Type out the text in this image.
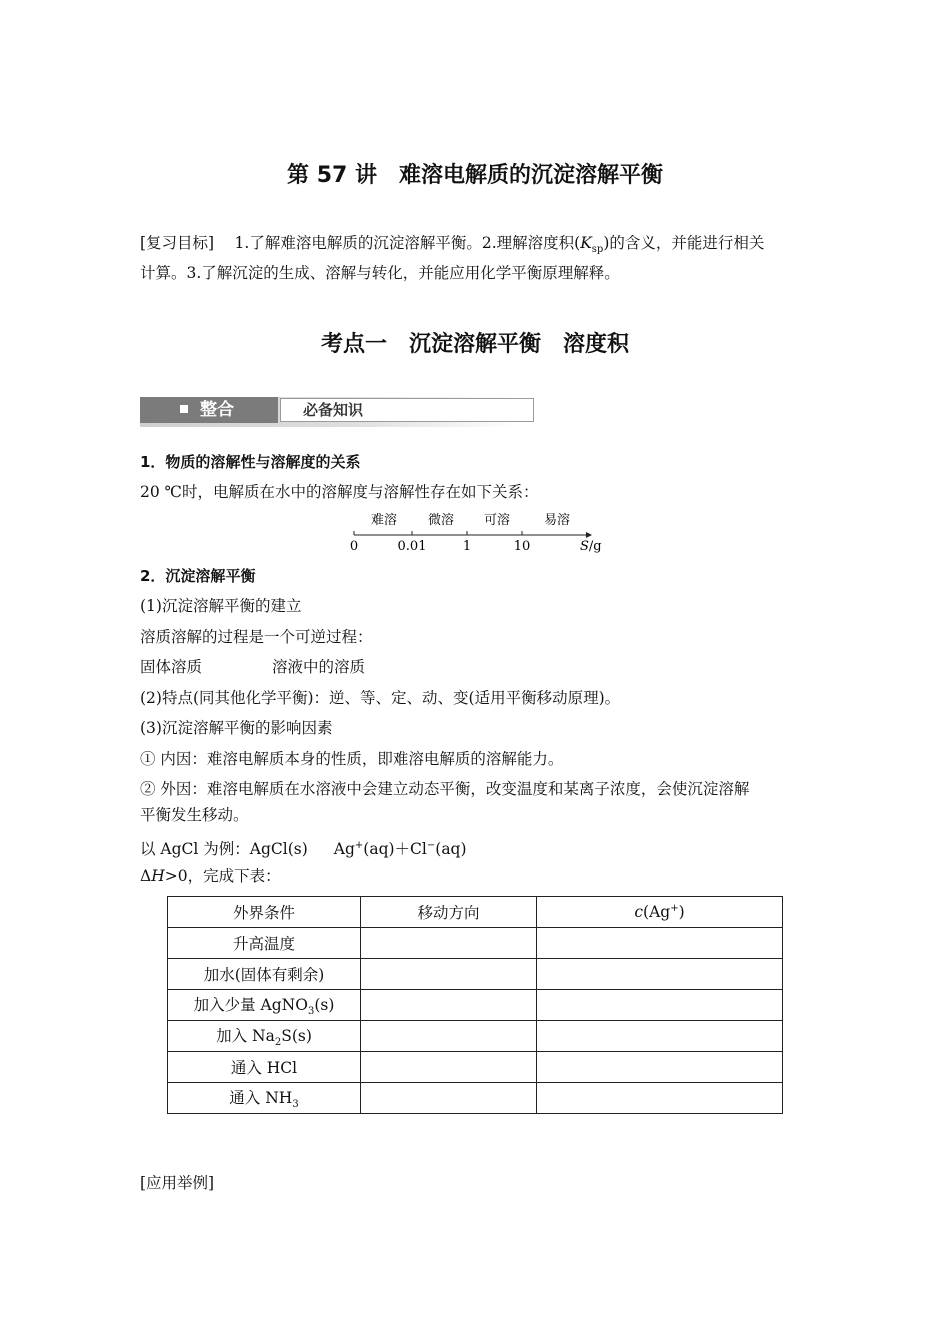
第 57 讲　难溶电解质的沉淀溶解平衡
[复习目标]　 1.了解难溶电解质的沉淀溶解平衡。2.理解溶度积$(K_{sp})$的含义，并能进行相关
计算。3.了解沉淀的生成、溶解与转化，并能应用化学平衡原理解释。
考点一　沉淀溶解平衡　溶度积
整合	必备知识
1．物质的溶解性与溶解度的关系
20 ℃时，电解质在水中的溶解度与溶解性存在如下关系：
难溶 微溶 可溶	易溶
0	0.01	1	10	S/g
2．沉淀溶解平衡
(1)沉淀溶解平衡的建立
溶质溶解的过程是一个可逆过程：
固体溶质	溶液中的溶质
(2)特点(同其他化学平衡)：逆、等、定、动、变(适用平衡移动原理)。
(3)沉淀溶解平衡的影响因素
① 内因：难溶电解质本身的性质，即难溶电解质的溶解能力。
② 外因：难溶电解质在水溶液中会建立动态平衡，改变温度和某离子浓度，会使沉淀溶解
平衡发生移动。
以 AgCl 为例：AgCl(s) Ag+(aq)＋Cl−(aq)
ΔH>0，完成下表：
外界条件	移动方向	c(Ag+)
升高温度		
加水(固体有剩余)		
加入少量 AgNO$_3$(s)		
加入 $Na_2S(s)$		
通入 HCl		
通入 $NH_3$		
[应用举例]
